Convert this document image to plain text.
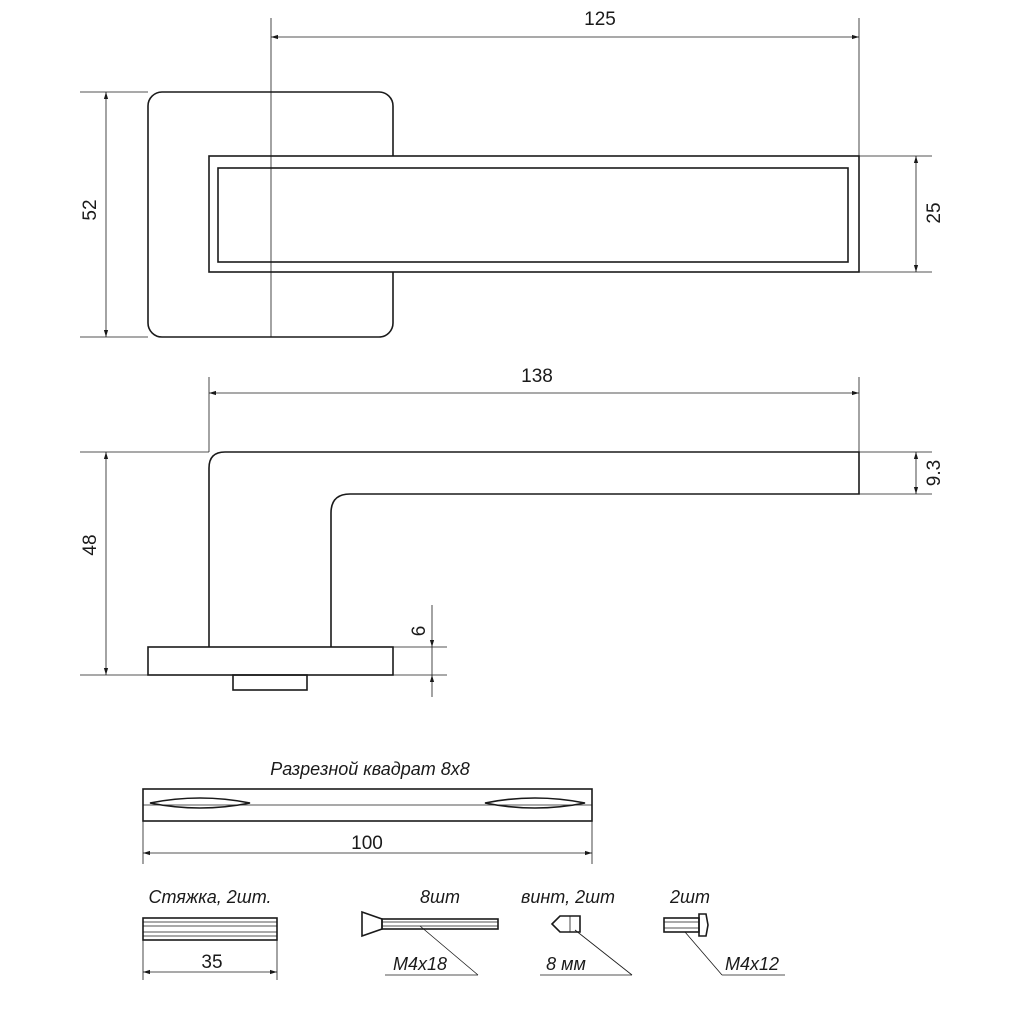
125
52	25
138
48
9.3
6
Разрезной квадрат 8х8
100
Стяжка, 2шт.
35
8шт
М4х18
винт, 2шт
8 мм
2шт
М4х12
